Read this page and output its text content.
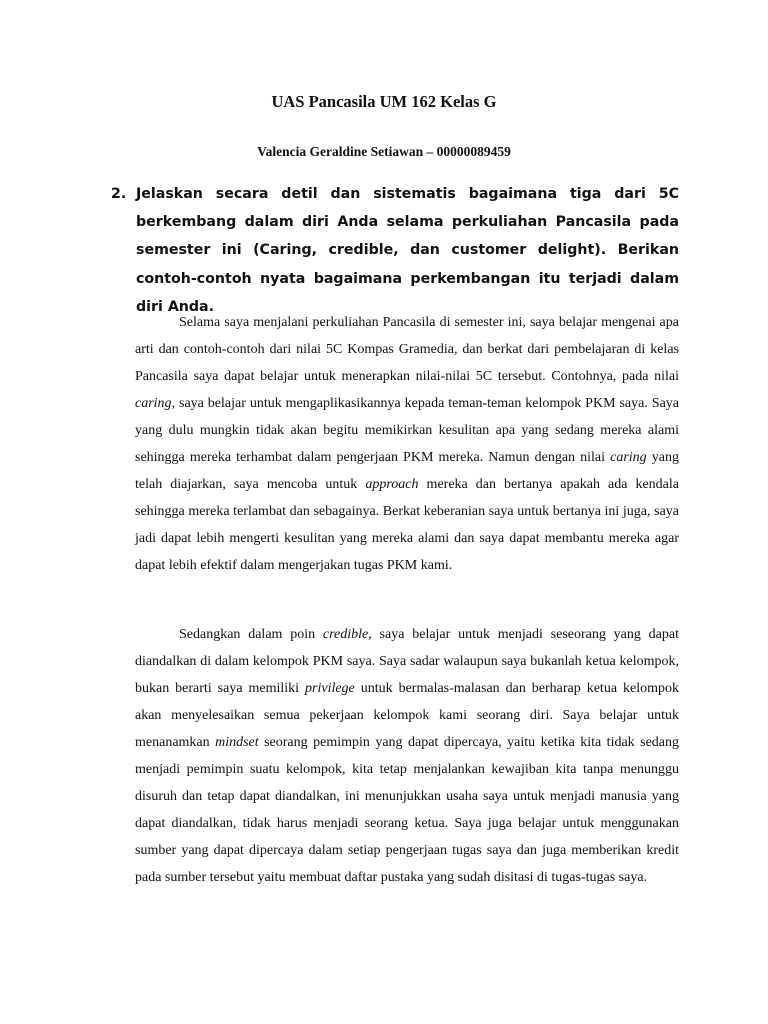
UAS Pancasila UM 162 Kelas G

Valencia Geraldine Setiawan – 00000089459

2. Jelaskan secara detil dan sistematis bagaimana tiga dari 5C berkembang dalam diri Anda selama perkuliahan Pancasila pada semester ini (Caring, credible, dan customer delight). Berikan contoh-contoh nyata bagaimana perkembangan itu terjadi dalam diri Anda.

Selama saya menjalani perkuliahan Pancasila di semester ini, saya belajar mengenai apa arti dan contoh-contoh dari nilai 5C Kompas Gramedia, dan berkat dari pembelajaran di kelas Pancasila saya dapat belajar untuk menerapkan nilai-nilai 5C tersebut. Contohnya, pada nilai caring, saya belajar untuk mengaplikasikannya kepada teman-teman kelompok PKM saya. Saya yang dulu mungkin tidak akan begitu memikirkan kesulitan apa yang sedang mereka alami sehingga mereka terhambat dalam pengerjaan PKM mereka. Namun dengan nilai caring yang telah diajarkan, saya mencoba untuk approach mereka dan bertanya apakah ada kendala sehingga mereka terlambat dan sebagainya. Berkat keberanian saya untuk bertanya ini juga, saya jadi dapat lebih mengerti kesulitan yang mereka alami dan saya dapat membantu mereka agar dapat lebih efektif dalam mengerjakan tugas PKM kami.

Sedangkan dalam poin credible, saya belajar untuk menjadi seseorang yang dapat diandalkan di dalam kelompok PKM saya. Saya sadar walaupun saya bukanlah ketua kelompok, bukan berarti saya memiliki privilege untuk bermalas-malasan dan berharap ketua kelompok akan menyelesaikan semua pekerjaan kelompok kami seorang diri. Saya belajar untuk menanamkan mindset seorang pemimpin yang dapat dipercaya, yaitu ketika kita tidak sedang menjadi pemimpin suatu kelompok, kita tetap menjalankan kewajiban kita tanpa menunggu disuruh dan tetap dapat diandalkan, ini menunjukkan usaha saya untuk menjadi manusia yang dapat diandalkan, tidak harus menjadi seorang ketua. Saya juga belajar untuk menggunakan sumber yang dapat dipercaya dalam setiap pengerjaan tugas saya dan juga memberikan kredit pada sumber tersebut yaitu membuat daftar pustaka yang sudah disitasi di tugas-tugas saya.
